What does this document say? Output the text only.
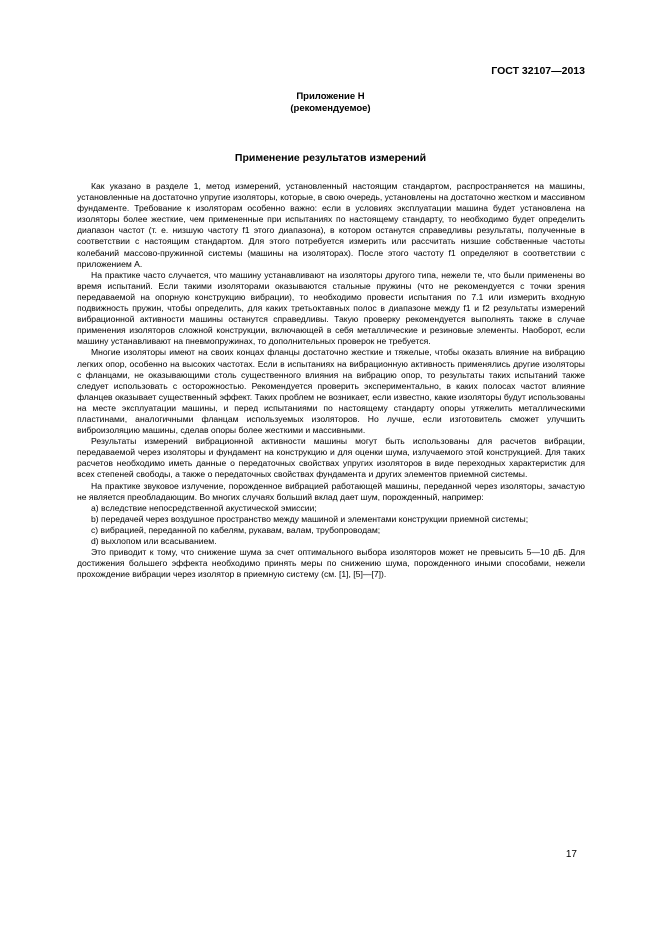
ГОСТ 32107—2013
Приложение Н
(рекомендуемое)
Применение результатов измерений

Как указано в разделе 1, метод измерений, установленный настоящим стандартом, распространяется на машины, установленные на достаточно упругие изоляторы, которые, в свою очередь, установлены на достаточно жестком и массивном фундаменте. Требование к изоляторам особенно важно: если в условиях эксплуатации машина будет установлена на изоляторы более жесткие, чем примененные при испытаниях по настоящему стандарту, то необходимо будет определить диапазон частот (т. е. низшую частоту f1 этого диапазона), в котором останутся справедливы результаты, полученные в соответствии с настоящим стандартом. Для этого потребуется измерить или рассчитать низшие собственные частоты колебаний массово-пружинной системы (машины на изоляторах). После этого частоту f1 определяют в соответствии с приложением А.

На практике часто случается, что машину устанавливают на изоляторы другого типа, нежели те, что были применены во время испытаний. Если такими изоляторами оказываются стальные пружины (что не рекомендуется с точки зрения передаваемой на опорную конструкцию вибрации), то необходимо провести испытания по 7.1 или измерить входную подвижность пружин, чтобы определить, для каких третьоктавных полос в диапазоне между f1 и f2 результаты измерений вибрационной активности машины останутся справедливы. Такую проверку рекомендуется выполнять также в случае применения изоляторов сложной конструкции, включающей в себя металлические и резиновые элементы. Наоборот, если машину устанавливают на пневмопружинах, то дополнительных проверок не требуется.

Многие изоляторы имеют на своих концах фланцы достаточно жесткие и тяжелые, чтобы оказать влияние на вибрацию легких опор, особенно на высоких частотах. Если в испытаниях на вибрационную активность применялись другие изоляторы с фланцами, не оказывающими столь существенного влияния на вибрацию опор, то результаты таких испытаний также следует использовать с осторожностью. Рекомендуется проверить экспериментально, в каких полосах частот влияние фланцев оказывает существенный эффект. Таких проблем не возникает, если известно, какие изоляторы будут использованы на месте эксплуатации машины, и перед испытаниями по настоящему стандарту опоры утяжелить металлическими пластинами, аналогичными фланцам используемых изоляторов. Но лучше, если изготовитель сможет улучшить виброизоляцию машины, сделав опоры более жесткими и массивными.

Результаты измерений вибрационной активности машины могут быть использованы для расчетов вибрации, передаваемой через изоляторы и фундамент на конструкцию и для оценки шума, излучаемого этой конструкцией. Для таких расчетов необходимо иметь данные о передаточных свойствах упругих изоляторов в виде переходных характеристик для всех степеней свободы, а также о передаточных свойствах фундамента и других элементов приемной системы.

На практике звуковое излучение, порожденное вибрацией работающей машины, переданной через изоляторы, зачастую не является преобладающим. Во многих случаях больший вклад дает шум, порожденный, например:

a) вследствие непосредственной акустической эмиссии;
b) передачей через воздушное пространство между машиной и элементами конструкции приемной системы;
c) вибрацией, переданной по кабелям, рукавам, валам, трубопроводам;
d) выхлопом или всасыванием.

Это приводит к тому, что снижение шума за счет оптимального выбора изоляторов может не превысить 5—10 дБ. Для достижения большего эффекта необходимо принять меры по снижению шума, порожденного иными способами, нежели прохождение вибрации через изолятор в приемную систему (см. [1], [5]—[7]).

17
